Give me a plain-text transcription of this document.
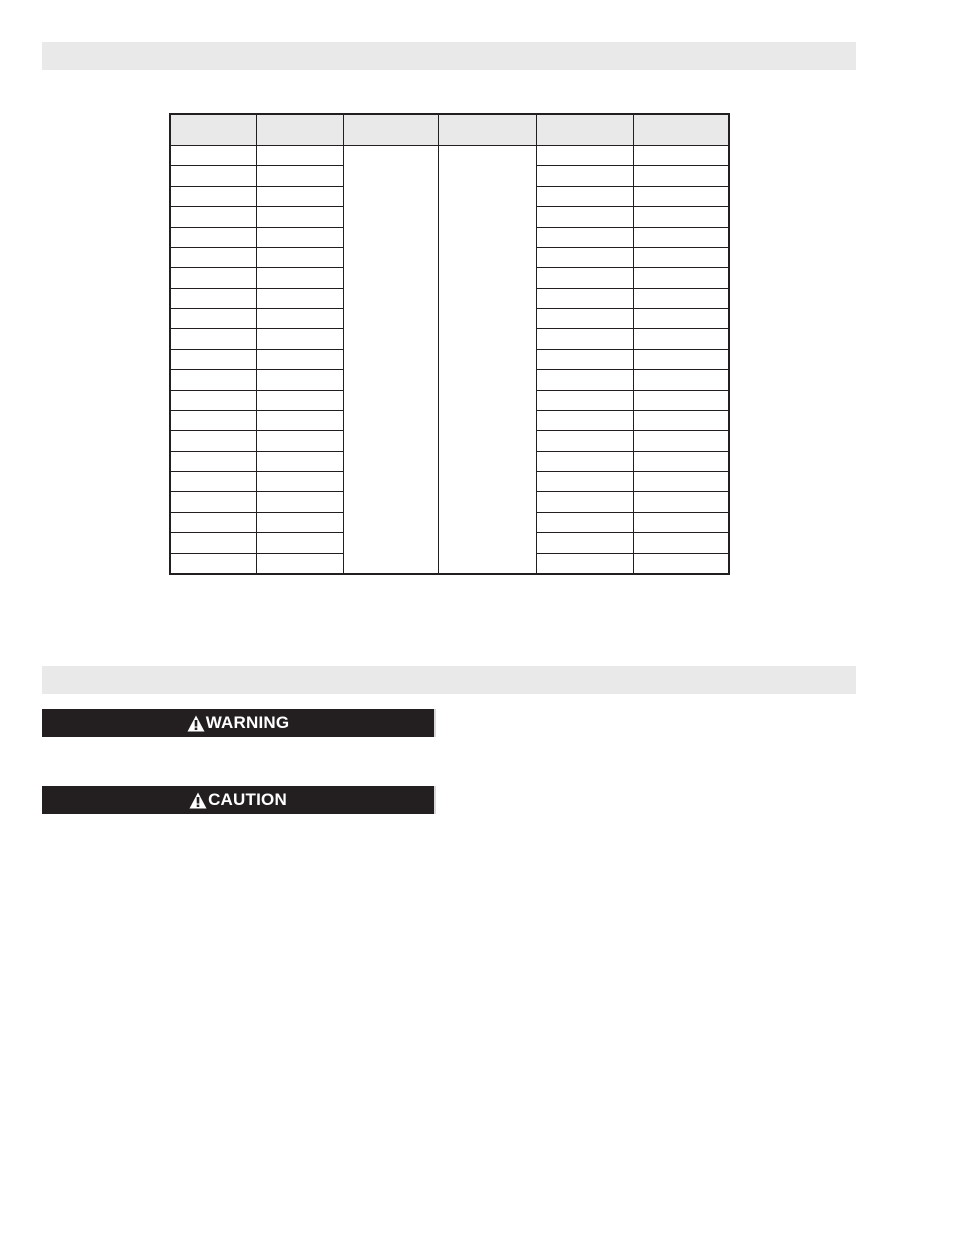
WARNING
CAUTION
